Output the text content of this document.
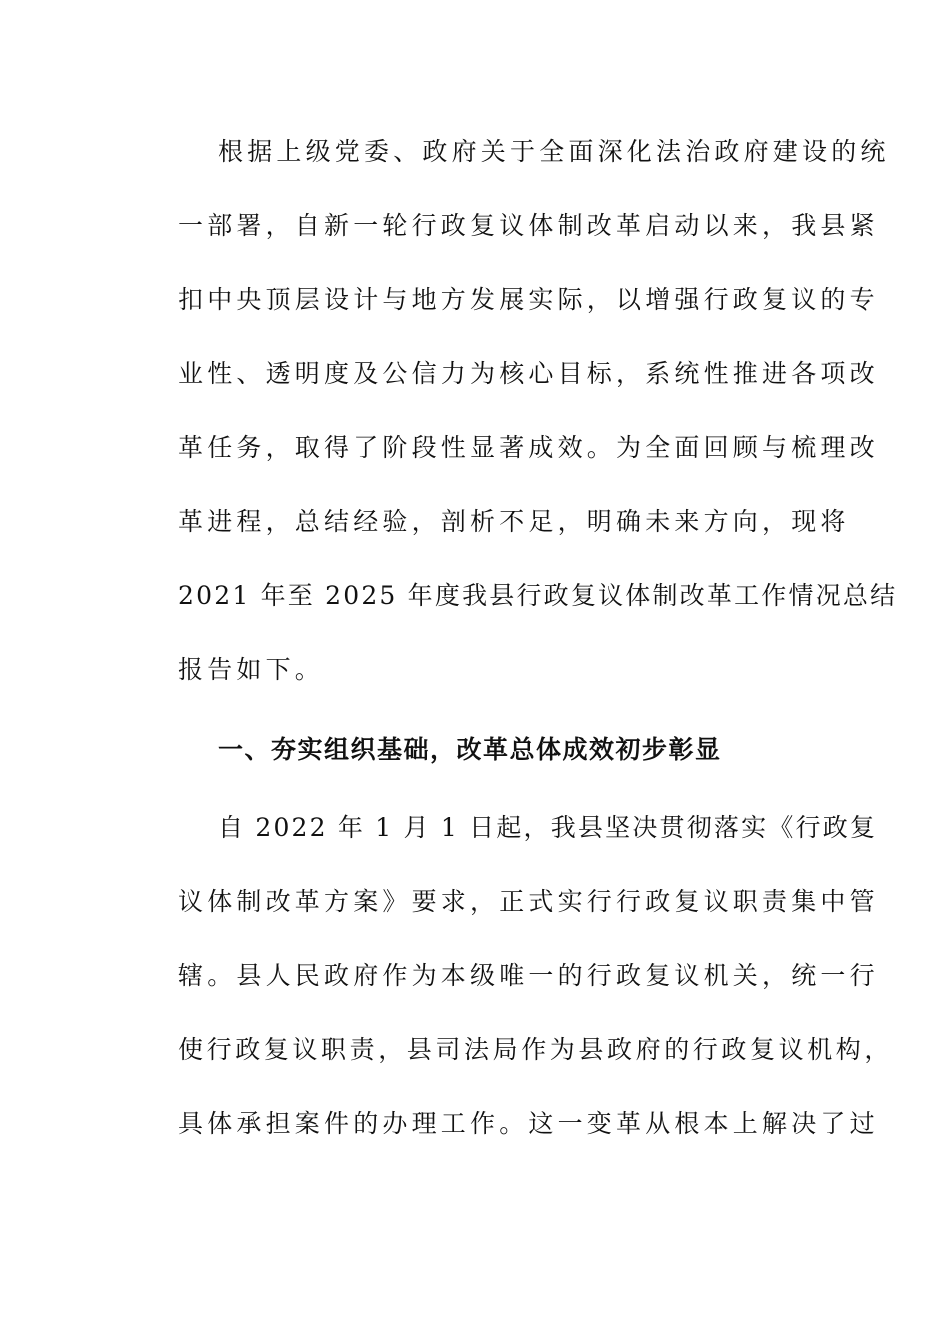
根据上级党委、政府关于全面深化法治政府建设的统
一部署，自新一轮行政复议体制改革启动以来，我县紧
扣中央顶层设计与地方发展实际，以增强行政复议的专
业性、透明度及公信力为核心目标，系统性推进各项改
革任务，取得了阶段性显著成效。为全面回顾与梳理改
革进程，总结经验，剖析不足，明确未来方向，现将
2021 年至 2025 年度我县行政复议体制改革工作情况总结
报告如下。
一、夯实组织基础，改革总体成效初步彰显
自 2022 年 1 月 1 日起，我县坚决贯彻落实《行政复
议体制改革方案》要求，正式实行行政复议职责集中管
辖。县人民政府作为本级唯一的行政复议机关，统一行
使行政复议职责，县司法局作为县政府的行政复议机构，
具体承担案件的办理工作。这一变革从根本上解决了过
